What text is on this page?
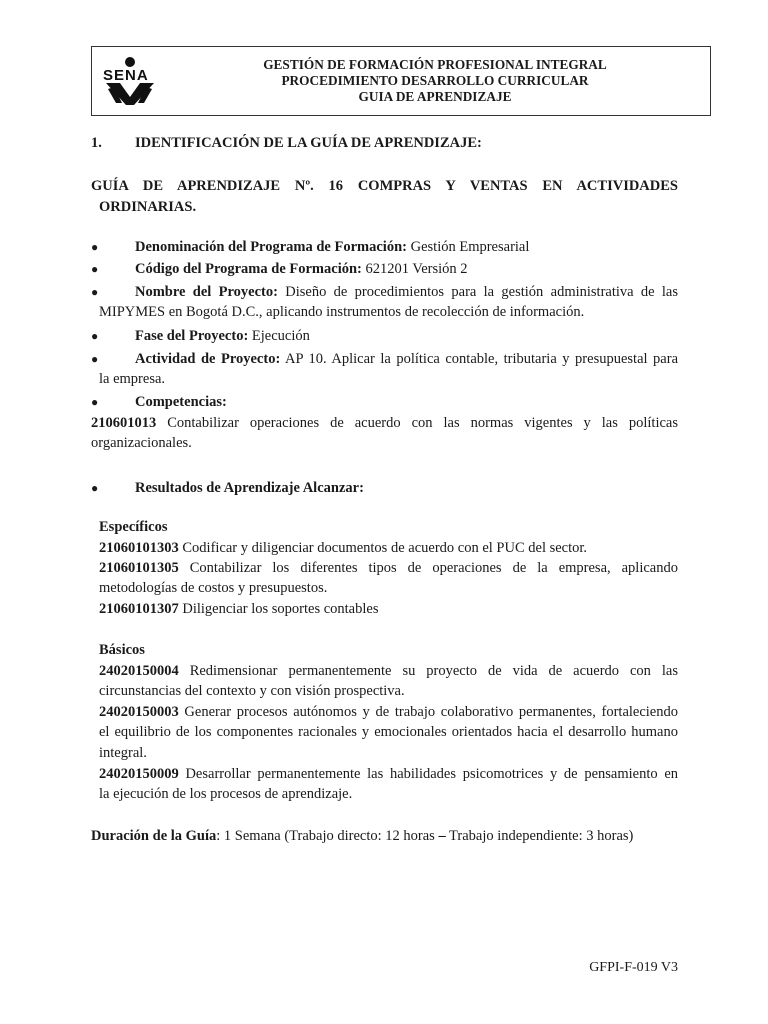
SENA
GESTIÓN DE FORMACIÓN PROFESIONAL INTEGRAL
PROCEDIMIENTO DESARROLLO CURRICULAR
GUIA DE APRENDIZAJE
1. IDENTIFICACIÓN DE LA GUÍA DE APRENDIZAJE:
GUÍA DE APRENDIZAJE Nº. 16 COMPRAS Y VENTAS EN ACTIVIDADES
ORDINARIAS.
●	Denominación del Programa de Formación: Gestión Empresarial
●	Código del Programa de Formación: 621201 Versión 2
●	Nombre del Proyecto: Diseño de procedimientos para la gestión administrativa de las
MIPYMES en Bogotá D.C., aplicando instrumentos de recolección de información.
●	Fase del Proyecto: Ejecución
●	Actividad de Proyecto: AP 10. Aplicar la política contable, tributaria y presupuestal para
la empresa.
●	Competencias:
210601013 Contabilizar operaciones de acuerdo con las normas vigentes y las políticas
organizacionales.
●	Resultados de Aprendizaje Alcanzar:
Específicos
21060101303 Codificar y diligenciar documentos de acuerdo con el PUC del sector.
21060101305 Contabilizar los diferentes tipos de operaciones de la empresa, aplicando
metodologías de costos y presupuestos.
21060101307 Diligenciar los soportes contables
Básicos
24020150004 Redimensionar permanentemente su proyecto de vida de acuerdo con las
circunstancias del contexto y con visión prospectiva.
24020150003 Generar procesos autónomos y de trabajo colaborativo permanentes, fortaleciendo
el equilibrio de los componentes racionales y emocionales orientados hacia el desarrollo humano
integral.
24020150009 Desarrollar permanentemente las habilidades psicomotrices y de pensamiento en
la ejecución de los procesos de aprendizaje.
Duración de la Guía: 1 Semana (Trabajo directo: 12 horas – Trabajo independiente: 3 horas)
GFPI-F-019 V3
